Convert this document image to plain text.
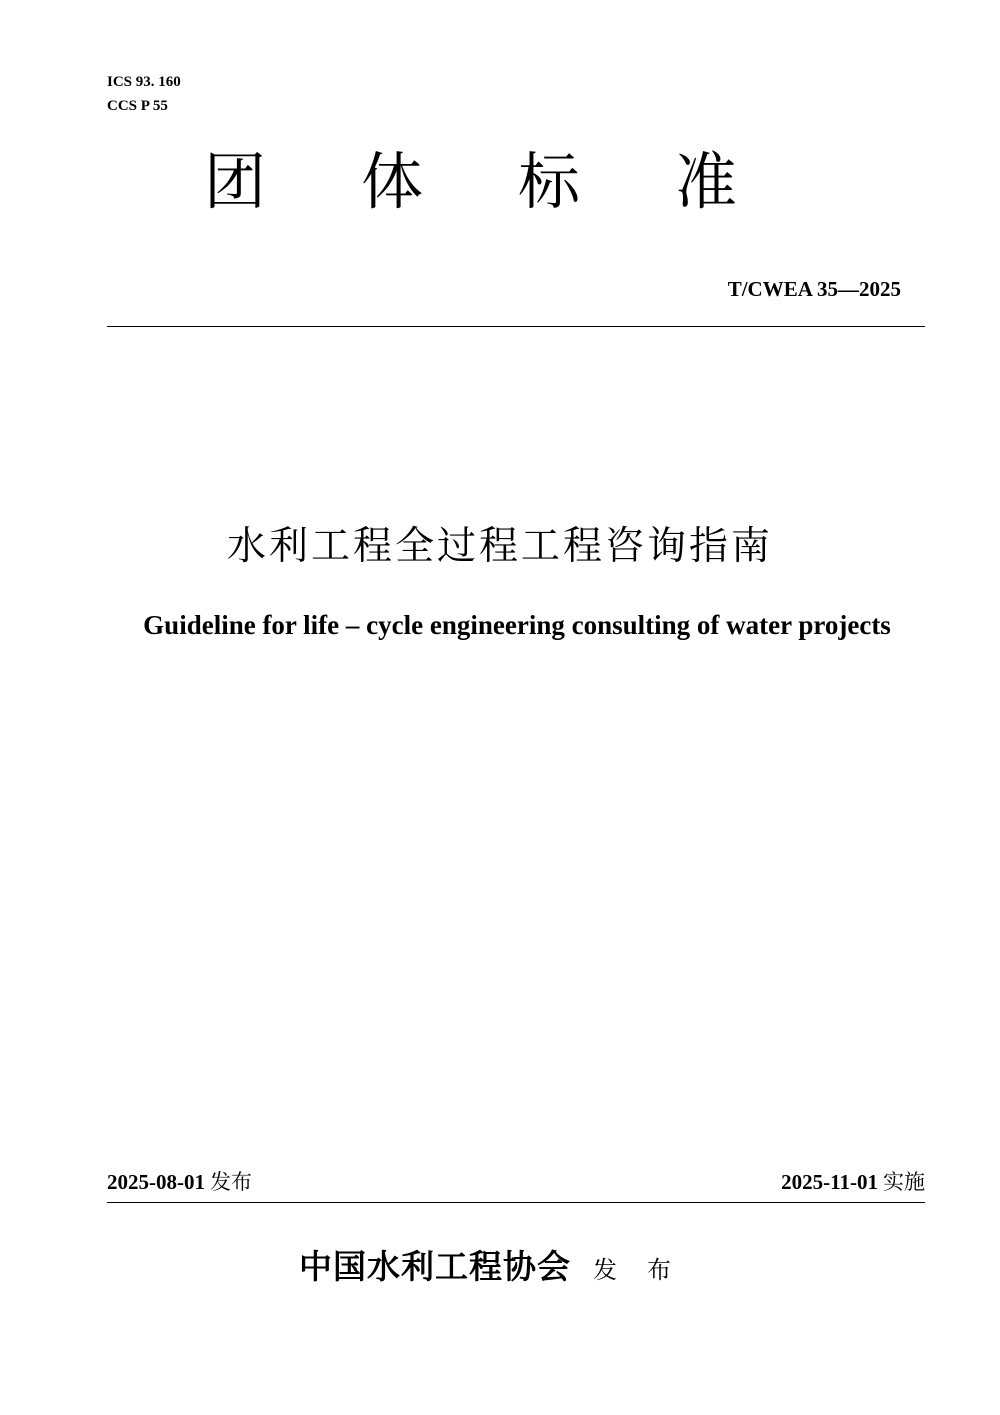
ICS 93. 160
CCS P 55
团体标准
T/CWEA 35—2025
水利工程全过程工程咨询指南
Guideline for life – cycle engineering consulting of water projects
2025-08-01 发布	2025-11-01 实施
中国水利工程协会 发布
